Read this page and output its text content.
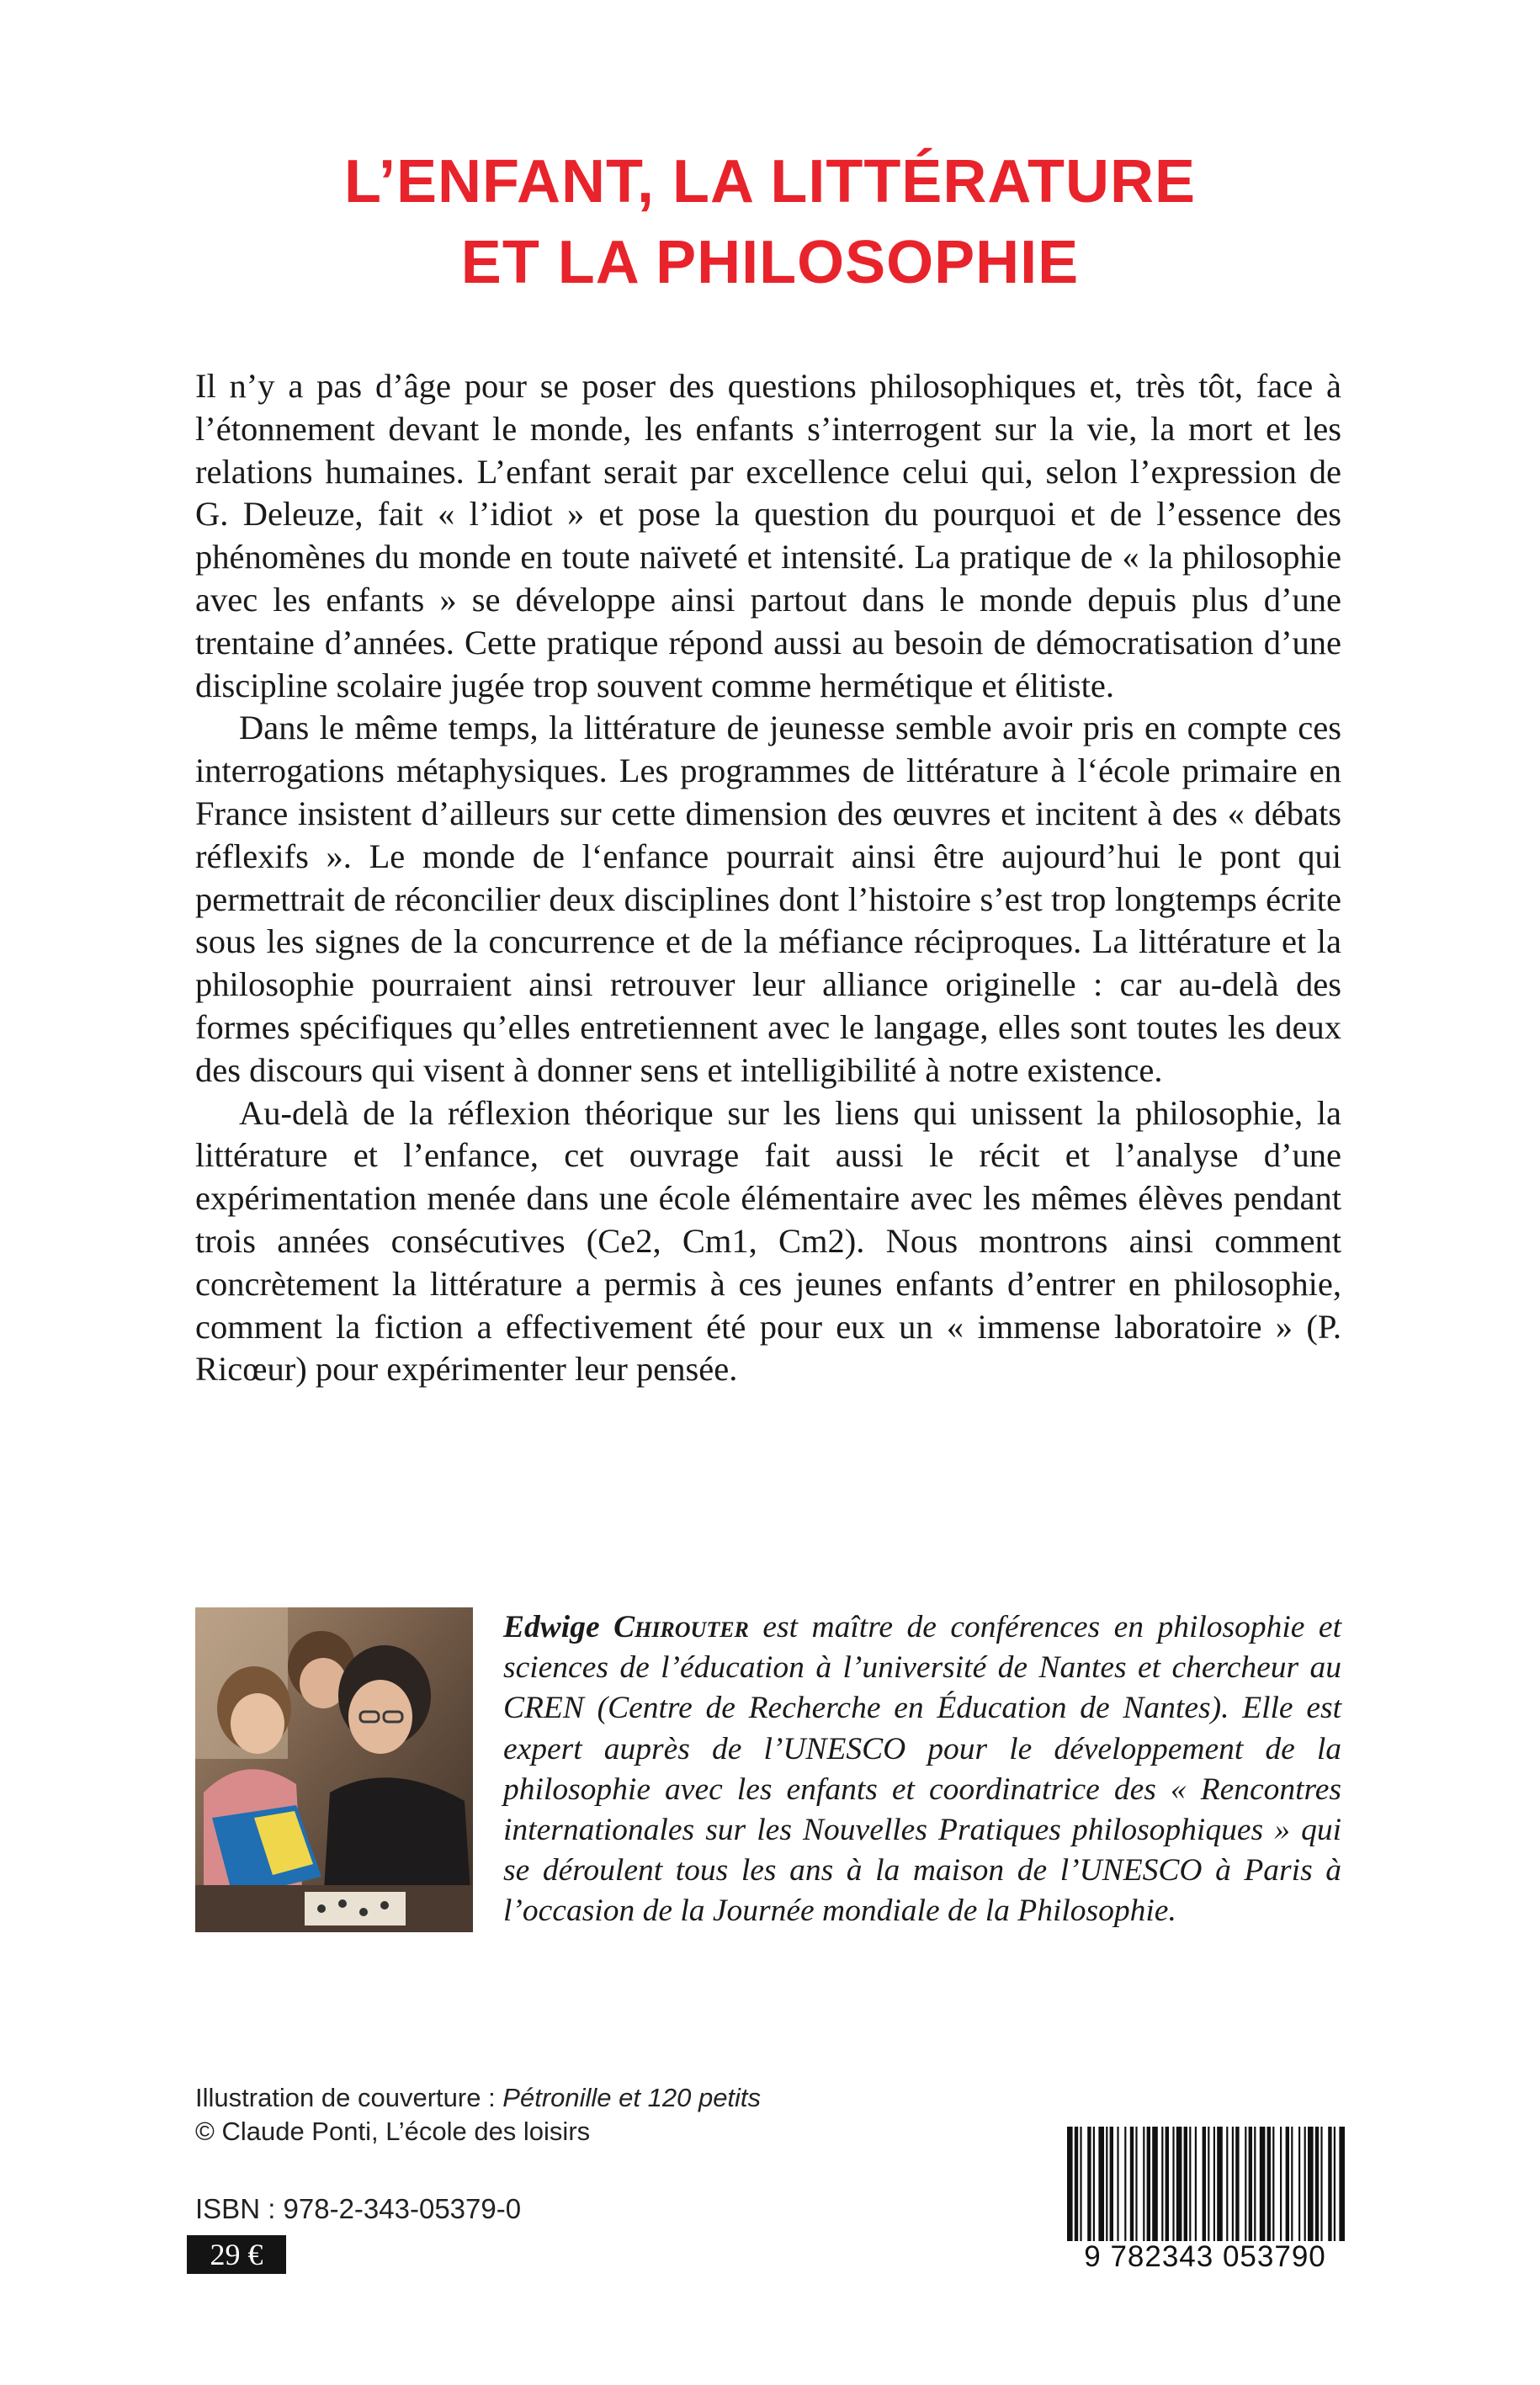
L’ENFANT, LA LITTÉRATURE
ET LA PHILOSOPHIE

Il n’y a pas d’âge pour se poser des questions philosophiques et, très tôt, face à l’étonnement devant le monde, les enfants s’interrogent sur la vie, la mort et les relations humaines. L’enfant serait par excellence celui qui, selon l’expression de G. Deleuze, fait « l’idiot » et pose la question du pourquoi et de l’essence des phénomènes du monde en toute naïveté et intensité. La pratique de « la philosophie avec les enfants » se développe ainsi partout dans le monde depuis plus d’une trentaine d’années. Cette pratique répond aussi au besoin de démocratisation d’une discipline scolaire jugée trop souvent comme hermétique et élitiste.

Dans le même temps, la littérature de jeunesse semble avoir pris en compte ces interrogations métaphysiques. Les programmes de littérature à l‘école primaire en France insistent d’ailleurs sur cette dimension des œuvres et incitent à des « débats réflexifs ». Le monde de l‘enfance pourrait ainsi être aujourd’hui le pont qui permettrait de réconcilier deux disciplines dont l’histoire s’est trop longtemps écrite sous les signes de la concurrence et de la méfiance réciproques. La littérature et la philosophie pourraient ainsi retrouver leur alliance originelle : car au-delà des formes spécifiques qu’elles entretiennent avec le langage, elles sont toutes les deux des discours qui visent à donner sens et intelligibilité à notre existence.

Au-delà de la réflexion théorique sur les liens qui unissent la philosophie, la littérature et l’enfance, cet ouvrage fait aussi le récit et l’analyse d’une expérimentation menée dans une école élémentaire avec les mêmes élèves pendant trois années consécutives (Ce2, Cm1, Cm2). Nous montrons ainsi comment concrètement la littérature a permis à ces jeunes enfants d’entrer en philosophie, comment la fiction a effectivement été pour eux un « immense laboratoire » (P. Ricœur) pour expérimenter leur pensée.

Edwige Chirouter est maître de conférences en philosophie et sciences de l’éducation à l’université de Nantes et chercheur au CREN (Centre de Recherche en Éducation de Nantes). Elle est expert auprès de l’UNESCO pour le développement de la philosophie avec les enfants et coordinatrice des « Rencontres internationales sur les Nouvelles Pratiques philosophiques » qui se déroulent tous les ans à la maison de l’UNESCO à Paris à l’occasion de la Journée mondiale de la Philosophie.
Illustration de couverture : Pétronille et 120 petits
© Claude Ponti, L’école des loisirs
ISBN : 978-2-343-05379-0
29 €	9 782343 053790
